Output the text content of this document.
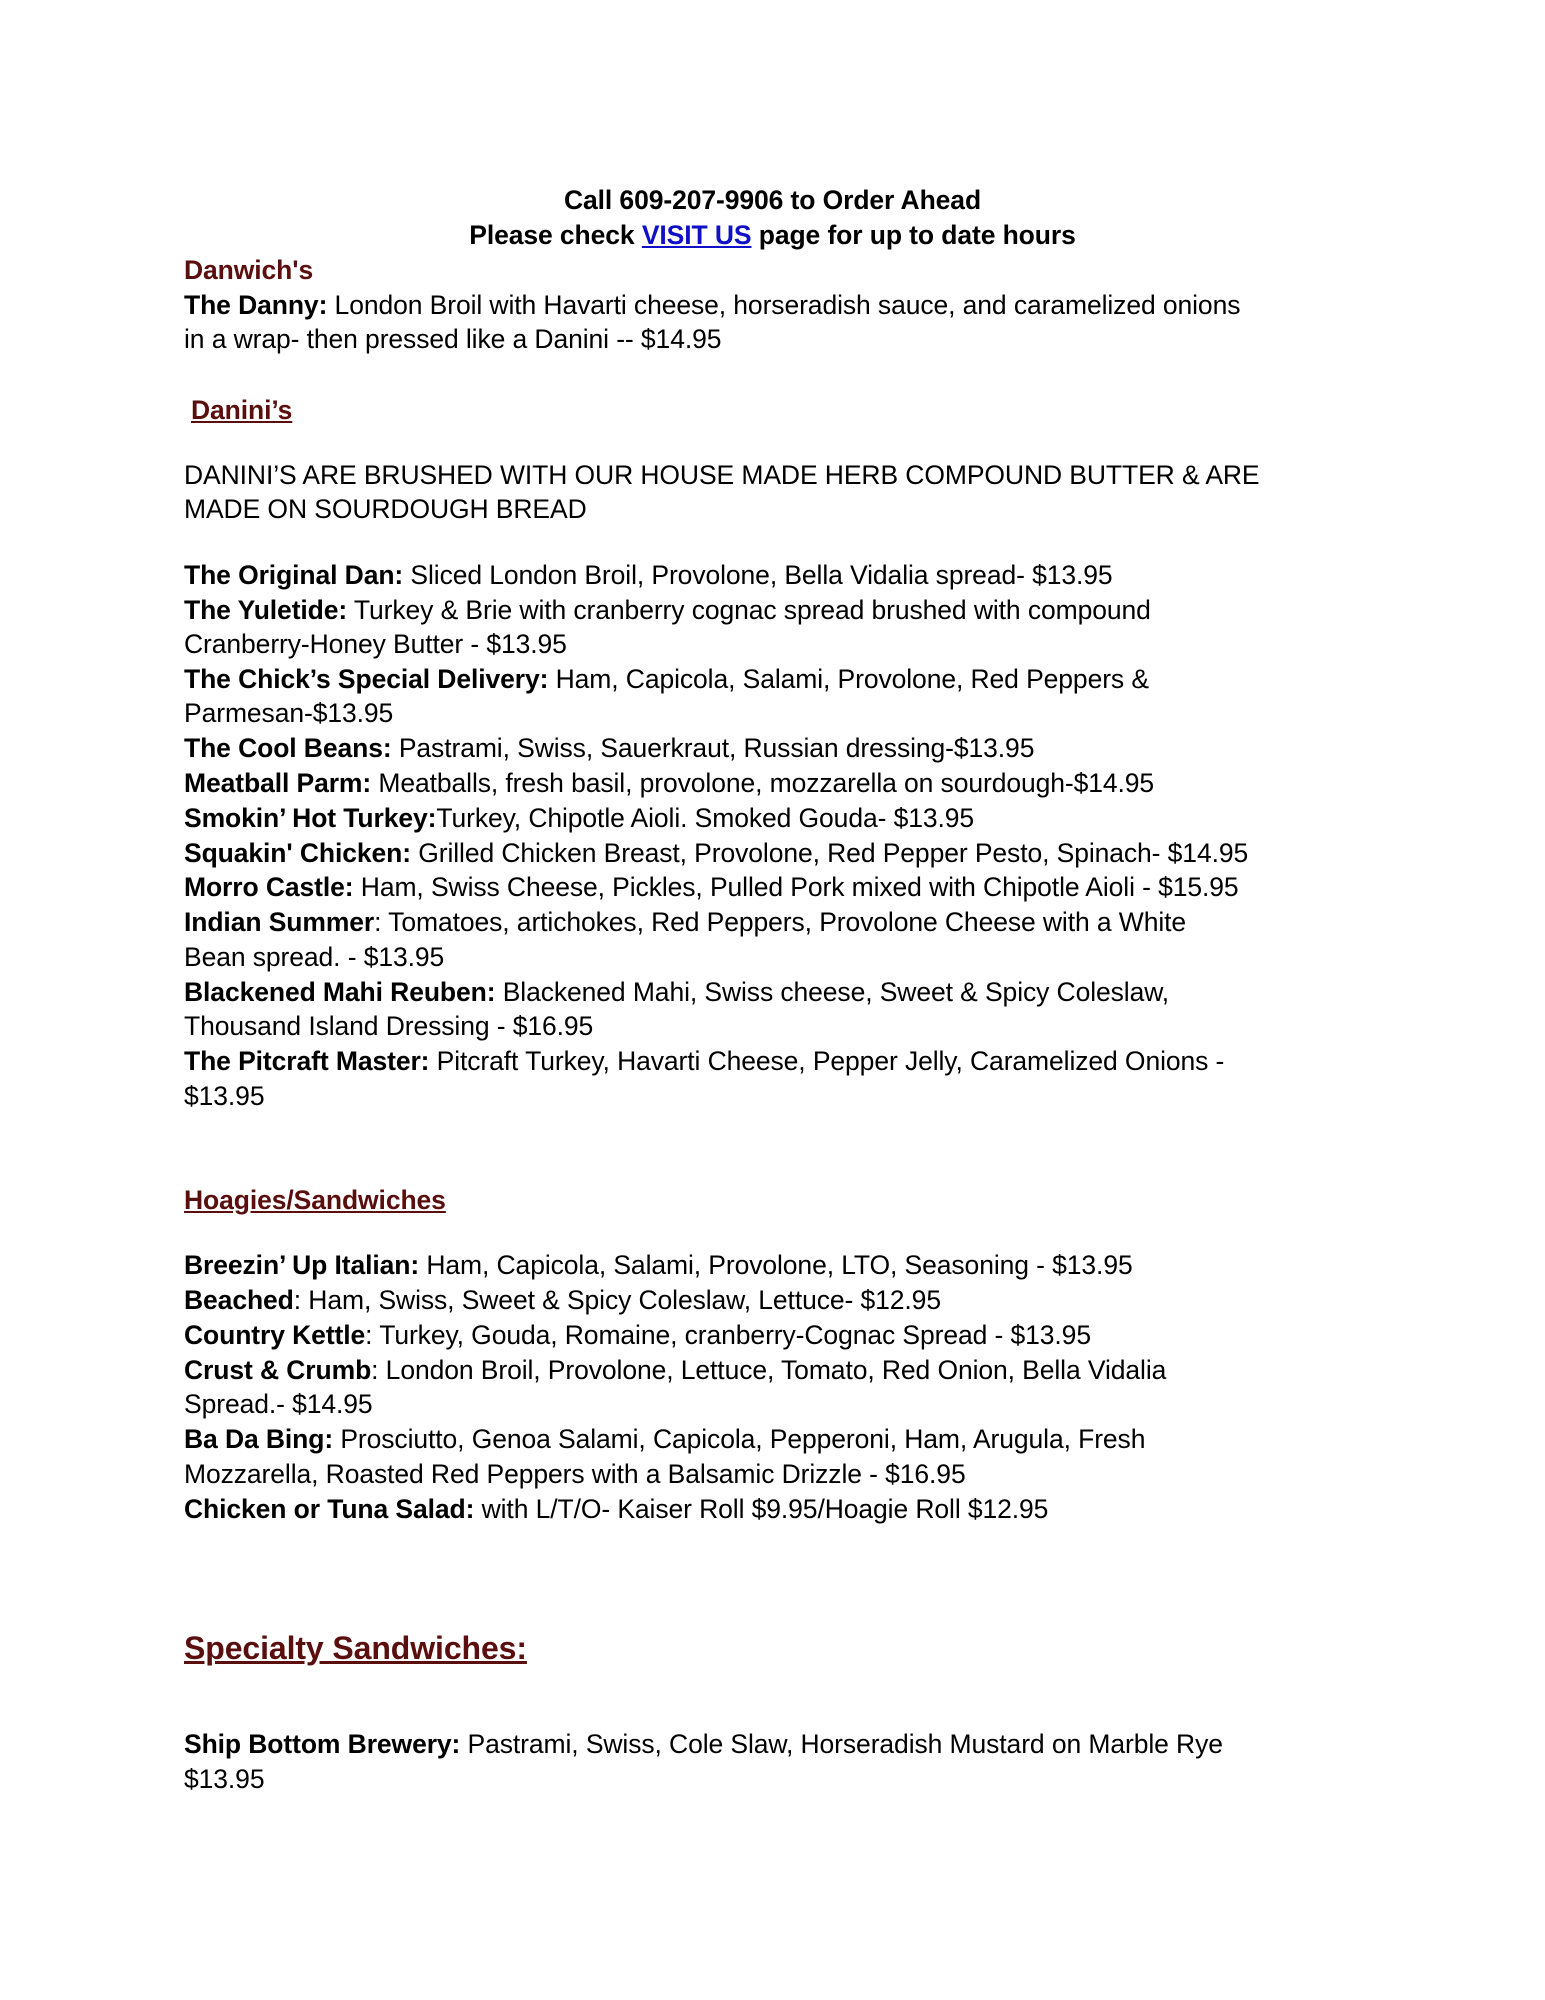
Call 609-207-9906 to Order Ahead
Please check VISIT US page for up to date hours
Danwich's
The Danny: London Broil with Havarti cheese, horseradish sauce, and caramelized onions
in a wrap- then pressed like a Danini -- $14.95
Danini’s
DANINI’S ARE BRUSHED WITH OUR HOUSE MADE HERB COMPOUND BUTTER & ARE
MADE ON SOURDOUGH BREAD
The Original Dan: Sliced London Broil, Provolone, Bella Vidalia spread- $13.95
The Yuletide: Turkey & Brie with cranberry cognac spread brushed with compound
Cranberry-Honey Butter - $13.95
The Chick’s Special Delivery: Ham, Capicola, Salami, Provolone, Red Peppers &
Parmesan-$13.95
The Cool Beans: Pastrami, Swiss, Sauerkraut, Russian dressing-$13.95
Meatball Parm: Meatballs, fresh basil, provolone, mozzarella on sourdough-$14.95
Smokin’ Hot Turkey:Turkey, Chipotle Aioli. Smoked Gouda- $13.95
Squakin' Chicken: Grilled Chicken Breast, Provolone, Red Pepper Pesto, Spinach- $14.95
Morro Castle: Ham, Swiss Cheese, Pickles, Pulled Pork mixed with Chipotle Aioli - $15.95
Indian Summer: Tomatoes, artichokes, Red Peppers, Provolone Cheese with a White
Bean spread. - $13.95
Blackened Mahi Reuben: Blackened Mahi, Swiss cheese, Sweet & Spicy Coleslaw,
Thousand Island Dressing - $16.95
The Pitcraft Master: Pitcraft Turkey, Havarti Cheese, Pepper Jelly, Caramelized Onions -
$13.95
Hoagies/Sandwiches
Breezin’ Up Italian: Ham, Capicola, Salami, Provolone, LTO, Seasoning - $13.95
Beached: Ham, Swiss, Sweet & Spicy Coleslaw, Lettuce- $12.95
Country Kettle: Turkey, Gouda, Romaine, cranberry-Cognac Spread - $13.95
Crust & Crumb: London Broil, Provolone, Lettuce, Tomato, Red Onion, Bella Vidalia
Spread.- $14.95
Ba Da Bing: Prosciutto, Genoa Salami, Capicola, Pepperoni, Ham, Arugula, Fresh
Mozzarella, Roasted Red Peppers with a Balsamic Drizzle - $16.95
Chicken or Tuna Salad: with L/T/O- Kaiser Roll $9.95/Hoagie Roll $12.95
Specialty Sandwiches:
Ship Bottom Brewery: Pastrami, Swiss, Cole Slaw, Horseradish Mustard on Marble Rye
$13.95
